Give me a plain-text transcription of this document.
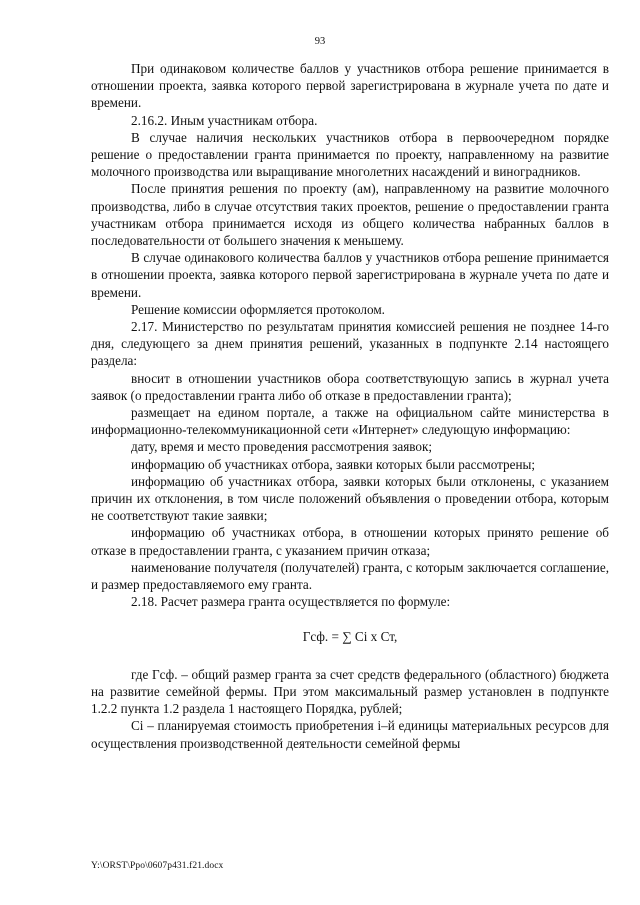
93

При одинаковом количестве баллов у участников отбора решение принимается в отношении проекта, заявка которого первой зарегистрирована в журнале учета по дате и времени.

2.16.2. Иным участникам отбора.

В случае наличия нескольких участников отбора в первоочередном порядке решение о предоставлении гранта принимается по проекту, направленному на развитие молочного производства или выращивание многолетних насаждений и виноградников.

После принятия решения по проекту (ам), направленному на развитие молочного производства, либо в случае отсутствия таких проектов, решение о предоставлении гранта участникам отбора принимается исходя из общего количества набранных баллов в последовательности от большего значения к меньшему.

В случае одинакового количества баллов у участников отбора решение принимается в отношении проекта, заявка которого первой зарегистрирована в журнале учета по дате и времени.

Решение комиссии оформляется протоколом.

2.17. Министерство по результатам принятия комиссией решения не позднее 14-го дня, следующего за днем принятия решений, указанных в подпункте 2.14 настоящего раздела:

вносит в отношении участников обора соответствующую запись в журнал учета заявок (о предоставлении гранта либо об отказе в предоставлении гранта);

размещает на едином портале, а также на официальном сайте министерства в информационно-телекоммуникационной сети «Интернет» следующую информацию:

дату, время и место проведения рассмотрения заявок;

информацию об участниках отбора, заявки которых были рассмотрены;

информацию об участниках отбора, заявки которых были отклонены, с указанием причин их отклонения, в том числе положений объявления о проведении отбора, которым не соответствуют такие заявки;

информацию об участниках отбора, в отношении которых принято решение об отказе в предоставлении гранта, с указанием причин отказа;

наименование получателя (получателей) гранта, с которым заключается соглашение, и размер предоставляемого ему гранта.

2.18. Расчет размера гранта осуществляется по формуле:

Гсф. = ∑ Сi x Ст,

где Гсф. – общий размер гранта за счет средств федерального (областного) бюджета на развитие семейной фермы. При этом максимальный размер установлен в подпункте 1.2.2 пункта 1.2 раздела 1 настоящего Порядка, рублей;

Сi – планируемая стоимость приобретения i–й единицы материальных ресурсов для осуществления производственной деятельности семейной фермы

Y:\ORST\Ppo\0607p431.f21.docx
